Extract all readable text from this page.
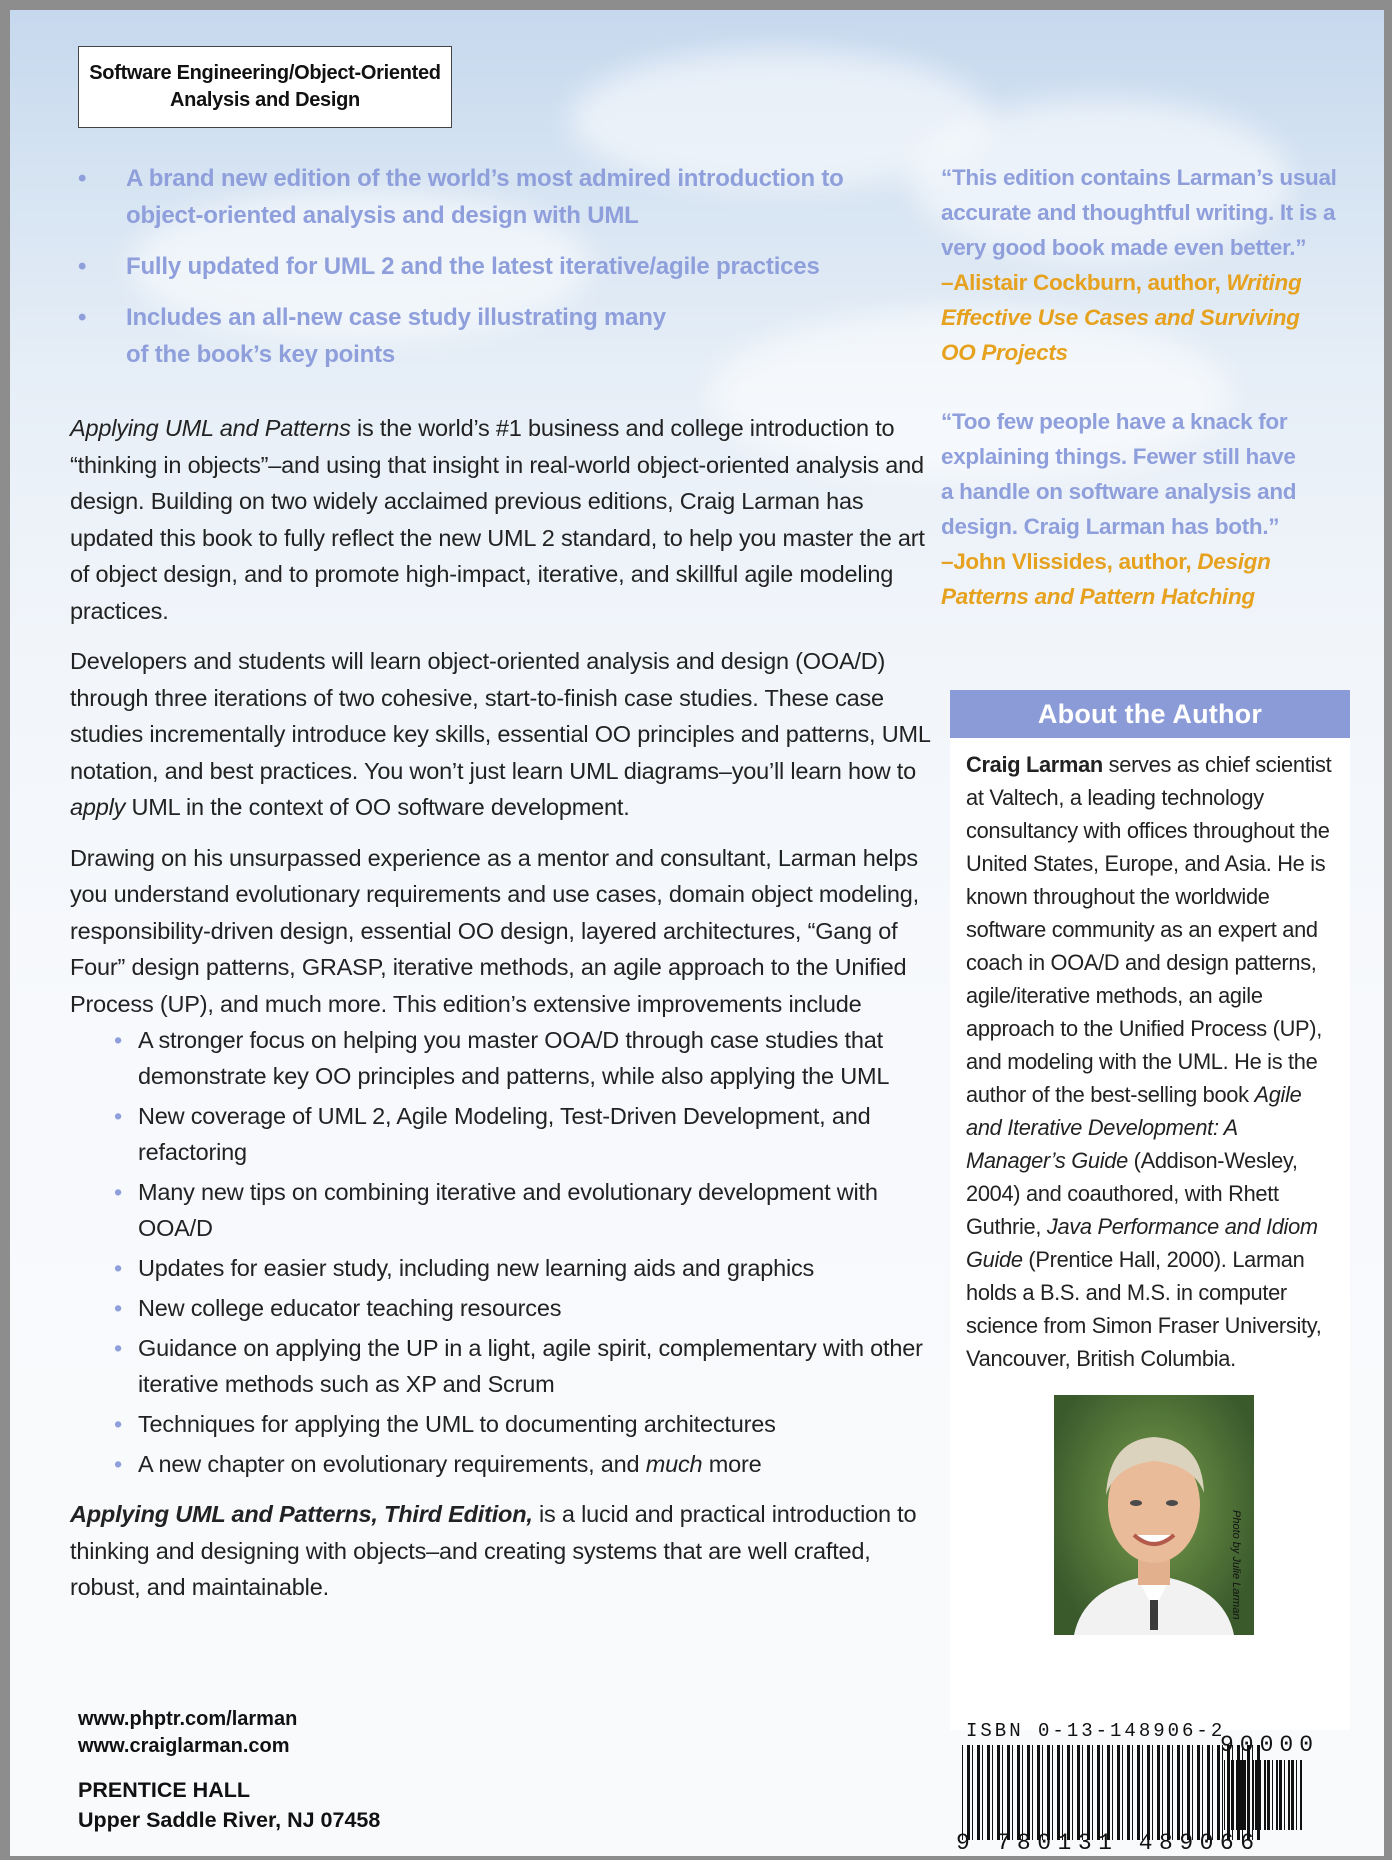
Software Engineering/Object-Oriented
Analysis and Design
• A brand new edition of the world’s most admired introduction to
object-oriented analysis and design with UML
• Fully updated for UML 2 and the latest iterative/agile practices
• Includes an all-new case study illustrating many
of the book’s key points
“This edition contains Larman’s usual
accurate and thoughtful writing. It is a
very good book made even better.”
–Alistair Cockburn, author, Writing
Effective Use Cases and Surviving
OO Projects
“Too few people have a knack for
explaining things. Fewer still have
a handle on software analysis and
design. Craig Larman has both.”
–John Vlissides, author, Design
Patterns and Pattern Hatching

Applying UML and Patterns is the world’s #1 business and college introduction to “thinking in objects”–and using that insight in real-world object-oriented analysis and design. Building on two widely acclaimed previous editions, Craig Larman has updated this book to fully reflect the new UML 2 standard, to help you master the art of object design, and to promote high-impact, iterative, and skillful agile modeling practices.

Developers and students will learn object-oriented analysis and design (OOA/D) through three iterations of two cohesive, start-to-finish case studies. These case studies incrementally introduce key skills, essential OO principles and patterns, UML notation, and best practices. You won’t just learn UML diagrams–you’ll learn how to apply UML in the context of OO software development.

Drawing on his unsurpassed experience as a mentor and consultant, Larman helps you understand evolutionary requirements and use cases, domain object modeling, responsibility-driven design, essential OO design, layered architectures, “Gang of Four” design patterns, GRASP, iterative methods, an agile approach to the Unified Process (UP), and much more. This edition’s extensive improvements include

• A stronger focus on helping you master OOA/D through case studies that demonstrate key OO principles and patterns, while also applying the UML
• New coverage of UML 2, Agile Modeling, Test-Driven Development, and refactoring
• Many new tips on combining iterative and evolutionary development with OOA/D
• Updates for easier study, including new learning aids and graphics
• New college educator teaching resources
• Guidance on applying the UP in a light, agile spirit, complementary with other iterative methods such as XP and Scrum
• Techniques for applying the UML to documenting architectures
• A new chapter on evolutionary requirements, and much more

Applying UML and Patterns, Third Edition, is a lucid and practical introduction to thinking and designing with objects–and creating systems that are well crafted, robust, and maintainable.

www.phptr.com/larman
www.craiglarman.com
PRENTICE HALL
Upper Saddle River, NJ 07458
About the Author
Craig Larman serves as chief scientist at Valtech, a leading technology consultancy with offices throughout the United States, Europe, and Asia. He is known throughout the worldwide software community as an expert and coach in OOA/D and design patterns, agile/iterative methods, an agile approach to the Unified Process (UP), and modeling with the UML. He is the author of the best-selling book Agile and Iterative Development: A Manager’s Guide (Addison-Wesley, 2004) and coauthored, with Rhett Guthrie, Java Performance and Idiom Guide (Prentice Hall, 2000). Larman holds a B.S. and M.S. in computer science from Simon Fraser University, Vancouver, British Columbia.
Photo by Julie Larman
ISBN 0-13-148906-2
9 780131 489066
90000
